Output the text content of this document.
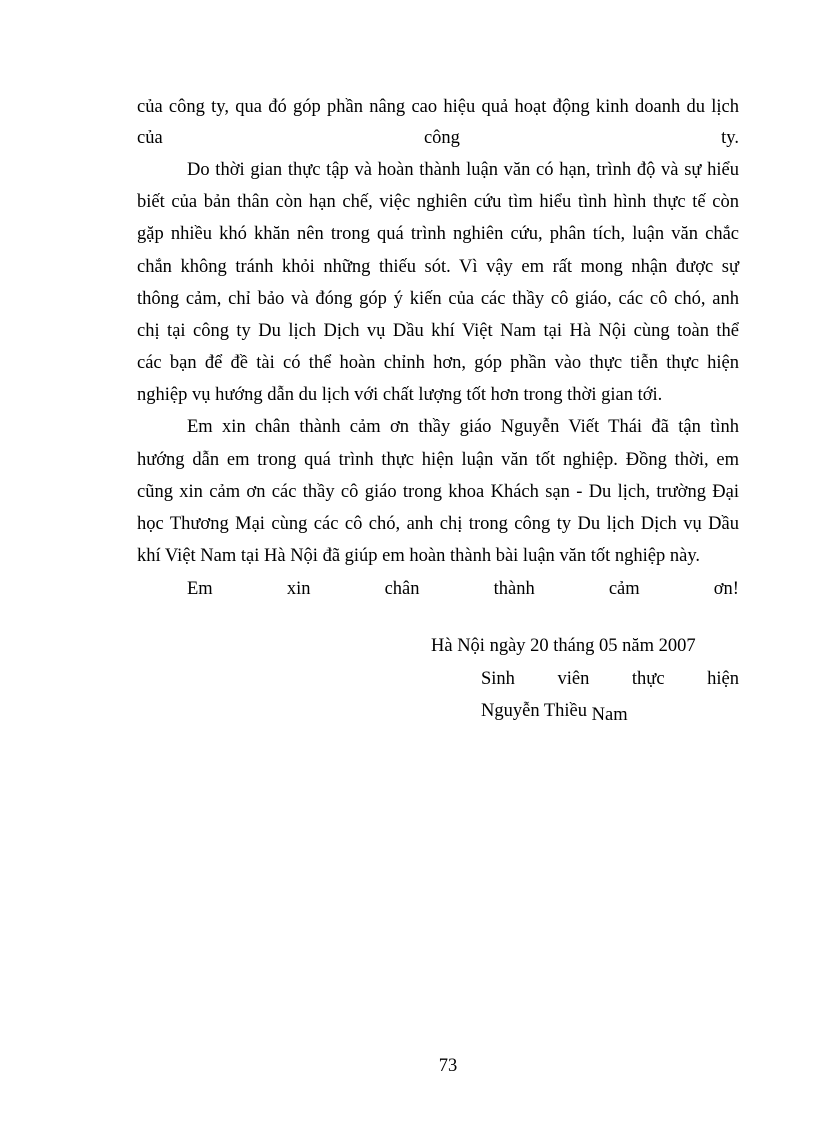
của công ty, qua đó góp phần nâng cao hiệu quả hoạt động kinh doanh du lịch
của	công	ty.
Do thời gian thực tập và hoàn thành luận văn có hạn, trình độ và sự hiểu
biết của bản thân còn hạn chế, việc nghiên cứu tìm hiểu tình hình thực tế còn
gặp nhiều khó khăn nên trong quá trình nghiên cứu, phân tích, luận văn chắc
chắn không tránh khỏi những thiếu sót. Vì vậy em rất mong nhận được sự
thông cảm, chỉ bảo và đóng góp ý kiến của các thầy cô giáo, các cô chó, anh
chị tại công ty Du lịch Dịch vụ Dầu khí Việt Nam tại Hà Nội cùng toàn thể
các bạn để đề tài có thể hoàn chỉnh hơn, góp phần vào thực tiễn thực hiện
nghiệp vụ hướng dẫn du lịch với chất lượng tốt hơn trong thời gian tới.
Em xin chân thành cảm ơn thầy giáo Nguyễn Viết Thái đã tận tình
hướng dẫn em trong quá trình thực hiện luận văn tốt nghiệp. Đồng thời, em
cũng xin cảm ơn các thầy cô giáo trong khoa Khách sạn - Du lịch, trường Đại
học Thương Mại cùng các cô chó, anh chị trong công ty Du lịch Dịch vụ Dầu
khí Việt Nam tại Hà Nội đã giúp em hoàn thành bài luận văn tốt nghiệp này.
Em	xin	chân	thành	cảm	ơn!
Hà Nội ngày 20 tháng 05 năm 2007
Sinh viên thực hiện
Nguyễn Thiều Nam
73
